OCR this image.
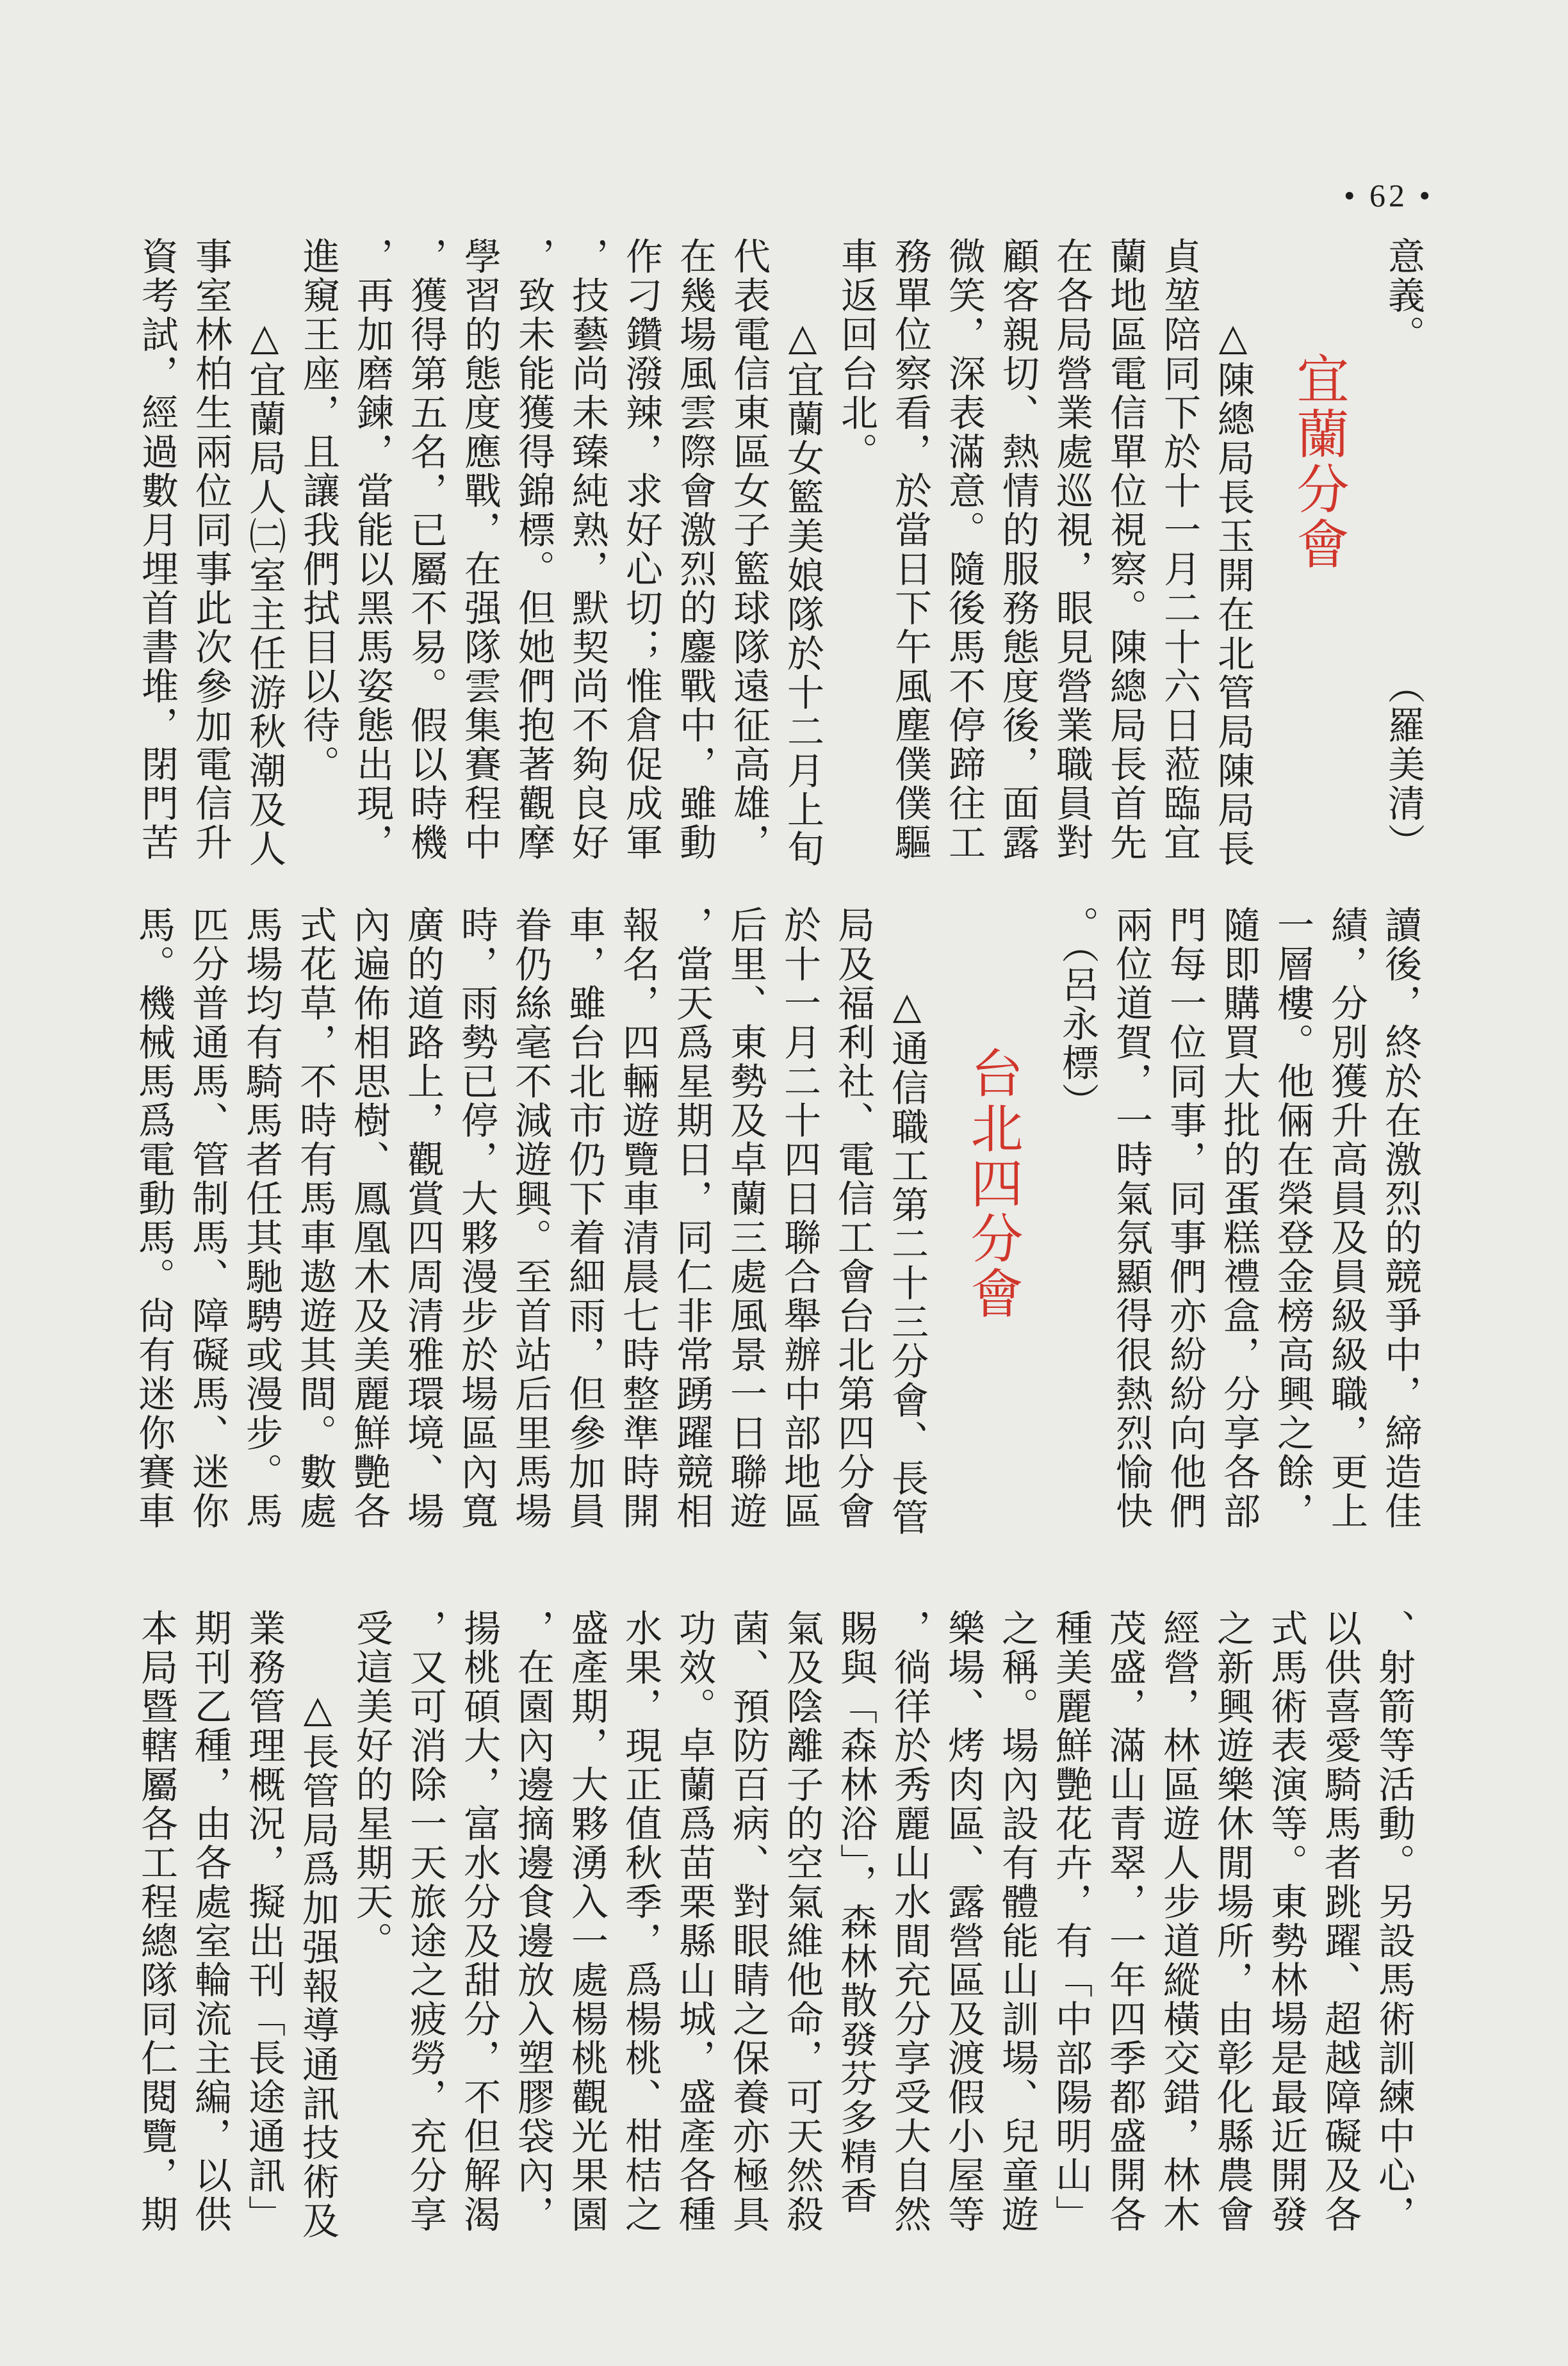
• 62 •
意義。
（羅美清）
宜蘭分會
△陳總局長玉開在北管局陳局長
貞堃陪同下於十一月二十六日蒞臨宜
蘭地區電信單位視察。陳總局長首先
在各局營業處巡視，眼見營業職員對
顧客親切、熱情的服務態度後，面露
微笑，深表滿意。隨後馬不停蹄往工
務單位察看，於當日下午風塵僕僕驅
車返回台北。
△宜蘭女籃美娘隊於十二月上旬
代表電信東區女子籃球隊遠征高雄，
在幾場風雲際會激烈的鏖戰中，雖動
作刁鑽潑辣，求好心切；惟倉促成軍
，技藝尚未臻純熟，默契尚不夠良好
，致未能獲得錦標。但她們抱著觀摩
學習的態度應戰，在强隊雲集賽程中
，獲得第五名，已屬不易。假以時機
，再加磨鍊，當能以黑馬姿態出現，
進窺王座，且讓我們拭目以待。
△宜蘭局人㈡室主任游秋潮及人
事室林柏生兩位同事此次參加電信升
資考試，經過數月埋首書堆，閉門苦
讀後，終於在激烈的競爭中，締造佳
績，分別獲升高員及員級級職，更上
一層樓。他倆在榮登金榜高興之餘，
隨即購買大批的蛋糕禮盒，分享各部
門每一位同事，同事們亦紛紛向他們
兩位道賀，一時氣氛顯得很熱烈愉快
。（呂永標）
台北四分會
△通信職工第二十三分會、長管
局及福利社、電信工會台北第四分會
於十一月二十四日聯合舉辦中部地區
后里、東勢及卓蘭三處風景一日聯遊
，當天爲星期日，同仁非常踴躍競相
報名，四輛遊覽車清晨七時整準時開
車，雖台北市仍下着細雨，但參加員
眷仍絲毫不減遊興。至首站后里馬場
時，雨勢已停，大夥漫步於場區內寬
廣的道路上，觀賞四周清雅環境、場
內遍佈相思樹、鳳凰木及美麗鮮艷各
式花草，不時有馬車遨遊其間。數處
馬場均有騎馬者任其馳騁或漫步。馬
匹分普通馬、管制馬、障礙馬、迷你
馬。機械馬爲電動馬。尙有迷你賽車
、射箭等活動。另設馬術訓練中心，
以供喜愛騎馬者跳躍、超越障礙及各
式馬術表演等。東勢林場是最近開發
之新興遊樂休閒場所，由彰化縣農會
經營，林區遊人步道縱橫交錯，林木
茂盛，滿山青翠，一年四季都盛開各
種美麗鮮艷花卉，有「中部陽明山」
之稱。場內設有體能山訓場、兒童遊
樂場、烤肉區、露營區及渡假小屋等
，徜徉於秀麗山水間充分享受大自然
賜與「森林浴」，森林散發芬多精香
氣及陰離子的空氣維他命，可天然殺
菌、預防百病、對眼睛之保養亦極具
功效。卓蘭爲苗栗縣山城，盛產各種
水果，現正值秋季，爲楊桃、柑桔之
盛產期，大夥湧入一處楊桃觀光果園
，在園內邊摘邊食邊放入塑膠袋內，
揚桃碩大，富水分及甜分，不但解渴
，又可消除一天旅途之疲勞，充分享
受這美好的星期天。
△長管局爲加强報導通訊技術及
業務管理概況，擬出刊「長途通訊」
期刊乙種，由各處室輪流主編，以供
本局暨轄屬各工程總隊同仁閱覽，期
